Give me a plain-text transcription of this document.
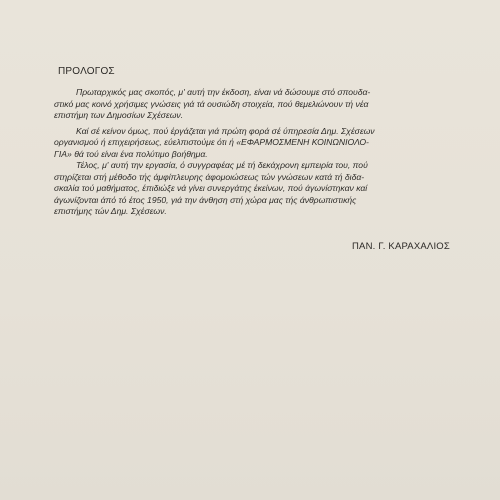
ΠΡΟΛΟΓΟΣ
Πρωταρχικός μας σκοπός, μ' αυτή την έκδοση, είναι νά δώσουμε στό σπουδα-
στικό μας κοινό χρήσιμες γνώσεις γιά τά ουσιώδη στοιχεία, πού θεμελιώνουν τή νέα
επιστήμη των Δημοσίων Σχέσεων.
Καί σέ κείνον όμως, πού έργάζεται γιά πρώτη φορά σέ ύπηρεσία Δημ. Σχέσεων
οργανισμού ή επιχειρήσεως, εύελπιστούμε ότι ή «ΕΦΑΡΜΟΣΜΕΝΗ ΚΟΙΝΩΝΙΟΛΟ-
ΓΙΑ» θά τού είναι ένα πολύτιμο βοήθημα.
Τέλος, μ' αυτή την εργασία, ό συγγραφέας μέ τή δεκάχρονη εμπειρία του, πού
στηρίζεται στή μέθοδο τής άμφίπλευρης άφομοιώσεως τών γνώσεων κατά τή διδα-
σκαλία τού μαθήματος, έπιδιώξε νά γίνει συνεργάτης έκείνων, πού άγωνίστηκαν καί
άγωνίζονται άπό τό έτος 1950, γιά την άνθηση στή χώρα μας τής άνθρωπιστικής
επιστήμης τών Δημ. Σχέσεων.
ΠΑΝ. Γ. ΚΑΡΑΧΑΛΙΟΣ
